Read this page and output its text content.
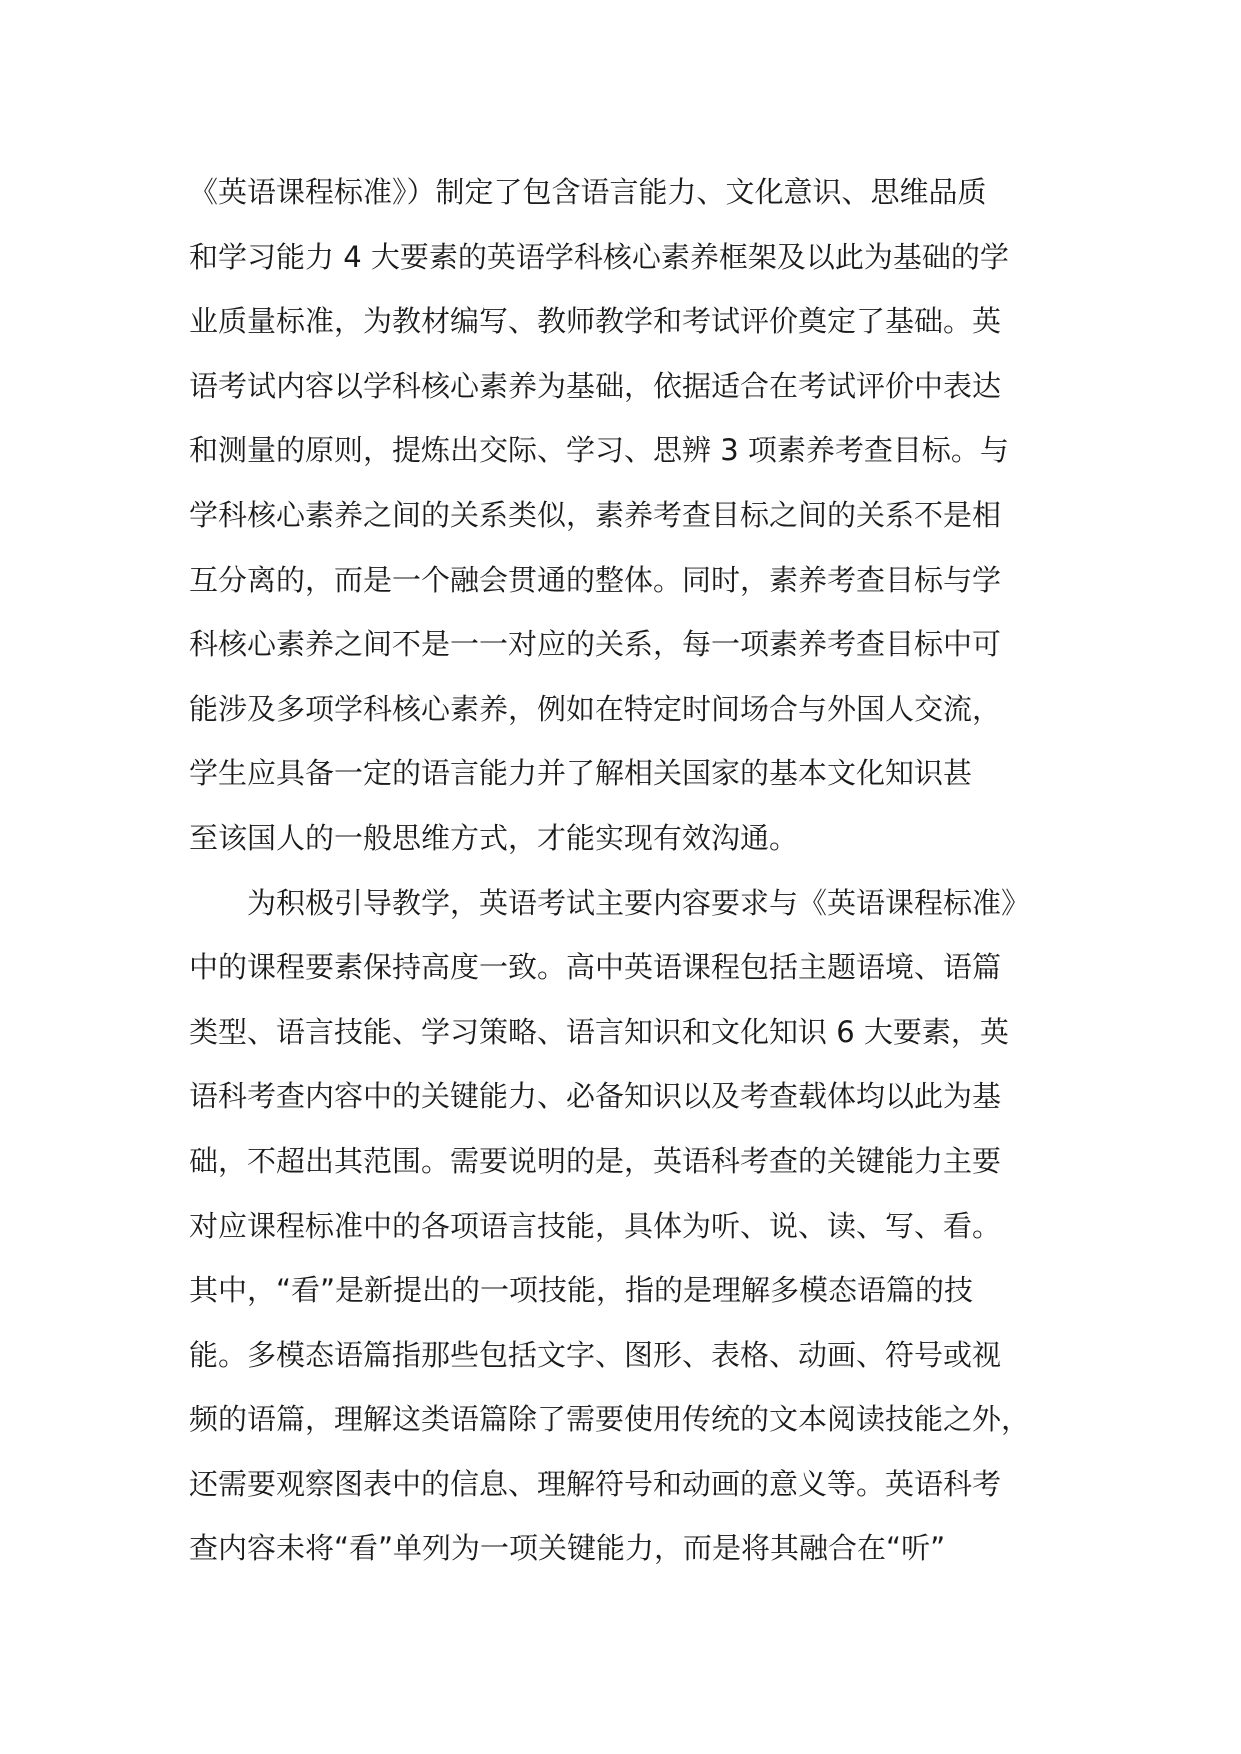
《英语课程标准》）制定了包含语言能力、文化意识、思维品质
和学习能力 4 大要素的英语学科核心素养框架及以此为基础的学
业质量标准，为教材编写、教师教学和考试评价奠定了基础。英
语考试内容以学科核心素养为基础，依据适合在考试评价中表达
和测量的原则，提炼出交际、学习、思辨 3 项素养考查目标。与
学科核心素养之间的关系类似，素养考查目标之间的关系不是相
互分离的，而是一个融会贯通的整体。同时，素养考查目标与学
科核心素养之间不是一一对应的关系，每一项素养考查目标中可
能涉及多项学科核心素养，例如在特定时间场合与外国人交流，
学生应具备一定的语言能力并了解相关国家的基本文化知识甚
至该国人的一般思维方式，才能实现有效沟通。
为积极引导教学，英语考试主要内容要求与《英语课程标准》
中的课程要素保持高度一致。高中英语课程包括主题语境、语篇
类型、语言技能、学习策略、语言知识和文化知识 6 大要素，英
语科考查内容中的关键能力、必备知识以及考查载体均以此为基
础，不超出其范围。需要说明的是，英语科考查的关键能力主要
对应课程标准中的各项语言技能，具体为听、说、读、写、看。
其中，“看”是新提出的一项技能，指的是理解多模态语篇的技
能。多模态语篇指那些包括文字、图形、表格、动画、符号或视
频的语篇，理解这类语篇除了需要使用传统的文本阅读技能之外，
还需要观察图表中的信息、理解符号和动画的意义等。英语科考
查内容未将“看”单列为一项关键能力，而是将其融合在“听”
